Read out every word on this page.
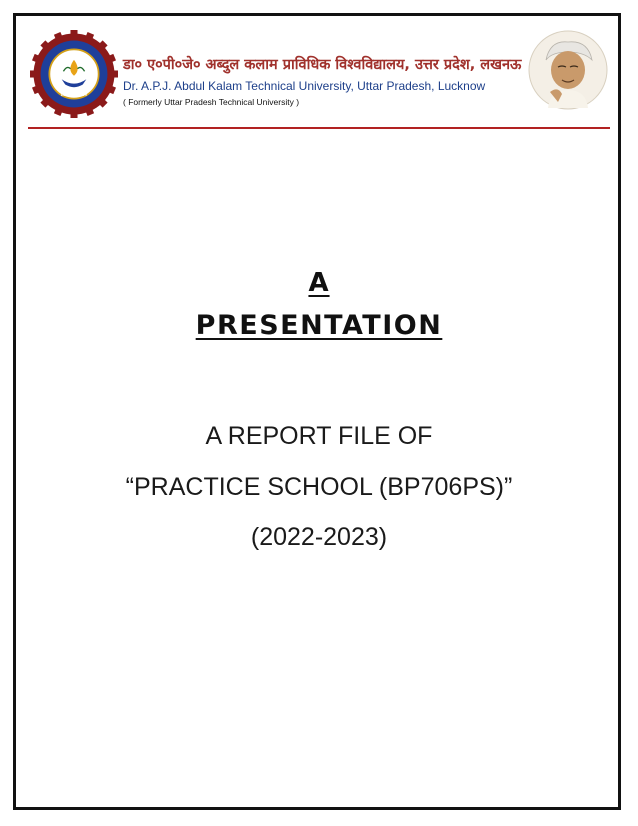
LUCKNOW
डा० ए०पी०जे० अब्दुल कलाम प्राविधिक विश्वविद्यालय, उत्तर प्रदेश, लखनऊ
Dr. A.P.J. Abdul Kalam Technical University, Uttar Pradesh, Lucknow
( Formerly Uttar Pradesh Technical University )
A
PRESENTATION
A REPORT FILE OF
“PRACTICE SCHOOL (BP706PS)”
(2022-2023)
